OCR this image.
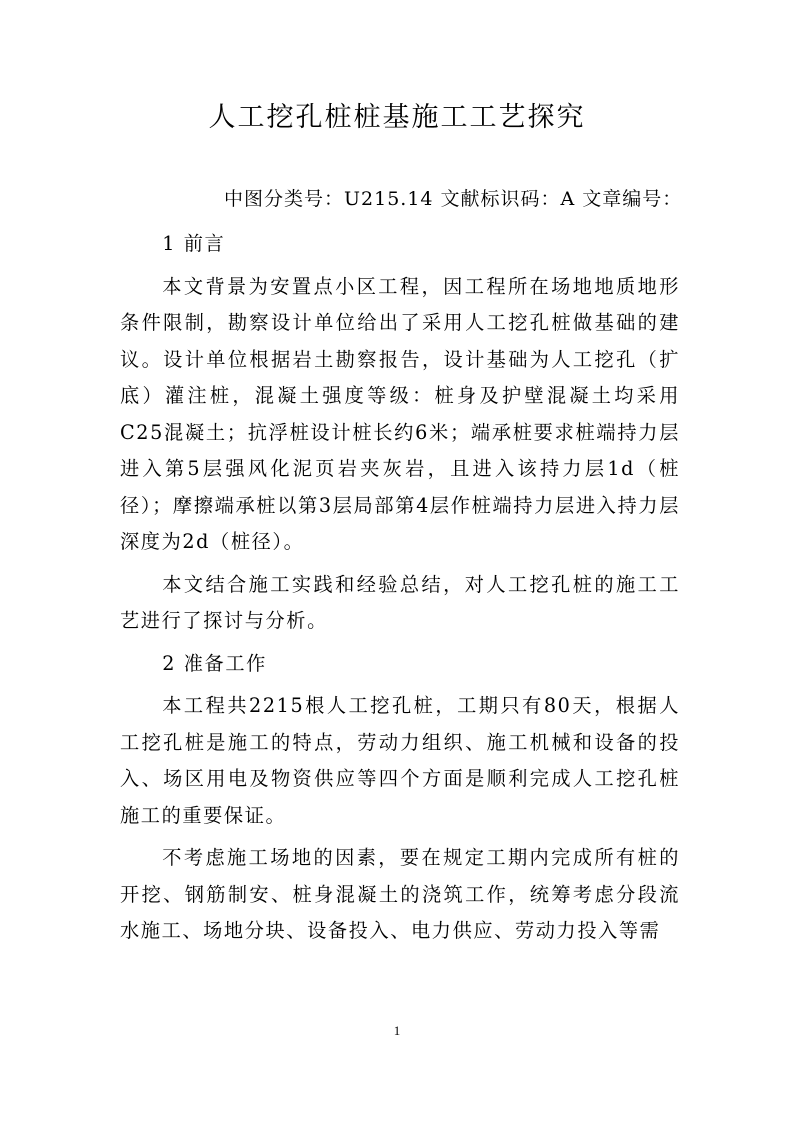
人工挖孔桩桩基施工工艺探究
中图分类号：U215.14 文献标识码：A 文章编号：

1 前言

本文背景为安置点小区工程，因工程所在场地地质地形条件限制，勘察设计单位给出了采用人工挖孔桩做基础的建议。设计单位根据岩土勘察报告，设计基础为人工挖孔（扩底）灌注桩，混凝土强度等级：桩身及护壁混凝土均采用C25混凝土；抗浮桩设计桩长约6米；端承桩要求桩端持力层进入第5层强风化泥页岩夹灰岩，且进入该持力层1d（桩径）；摩擦端承桩以第3层局部第4层作桩端持力层进入持力层深度为2d（桩径）。

本文结合施工实践和经验总结，对人工挖孔桩的施工工艺进行了探讨与分析。

2 准备工作

本工程共2215根人工挖孔桩，工期只有80天，根据人工挖孔桩是施工的特点，劳动力组织、施工机械和设备的投入、场区用电及物资供应等四个方面是顺利完成人工挖孔桩施工的重要保证。

不考虑施工场地的因素，要在规定工期内完成所有桩的开挖、钢筋制安、桩身混凝土的浇筑工作，统筹考虑分段流水施工、场地分块、设备投入、电力供应、劳动力投入等需

1
